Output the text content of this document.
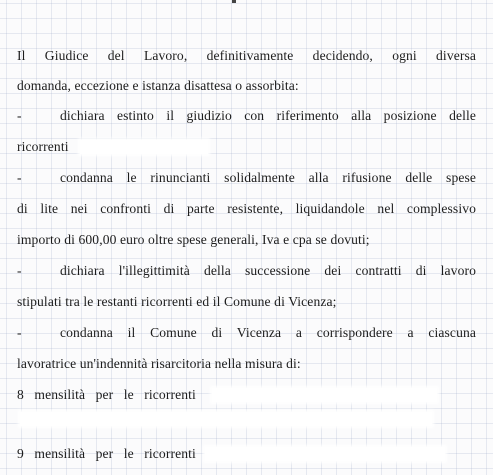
Il Giudice del Lavoro, definitivamente decidendo, ogni diversa
domanda, eccezione e istanza disattesa o assorbita:
-	dichiara estinto il giudizio con riferimento alla posizione delle
ricorrenti
-	condanna le rinuncianti solidalmente alla rifusione delle spese
di lite nei confronti di parte resistente, liquidandole nel complessivo
importo di 600,00 euro oltre spese generali, Iva e cpa se dovuti;
-	dichiara l'illegittimità della successione dei contratti di lavoro
stipulati tra le restanti ricorrenti ed il Comune di Vicenza;
-	condanna il Comune di Vicenza a corrispondere a ciascuna
lavoratrice un'indennità risarcitoria nella misura di:
8 mensilità per le ricorrenti
9 mensilità per le ricorrenti
